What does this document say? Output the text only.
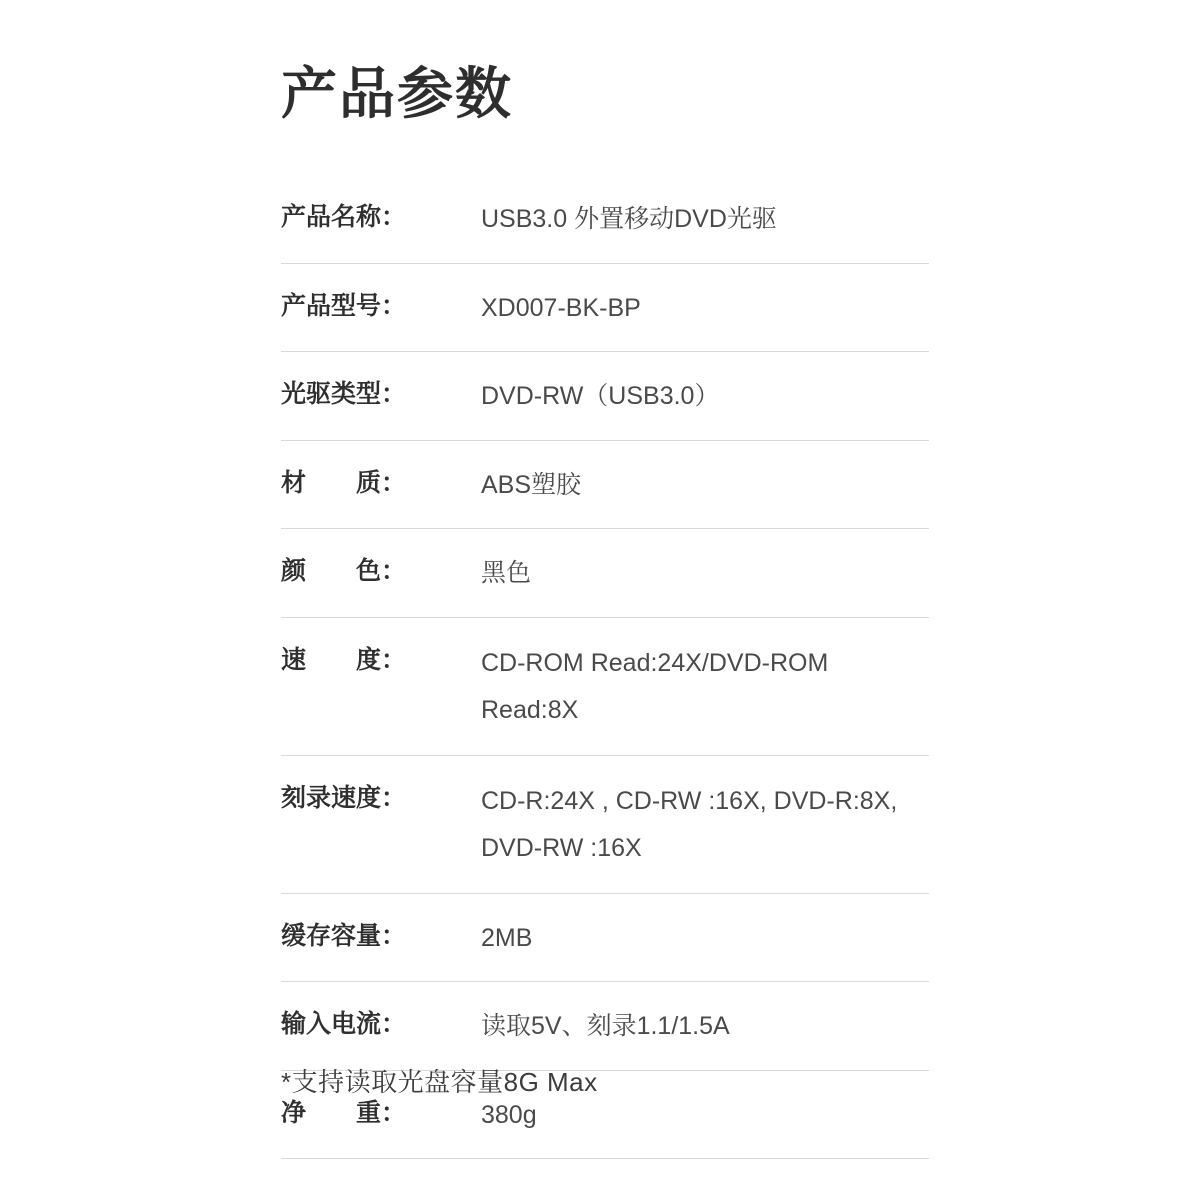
产品参数
产品名称：	USB3.0 外置移动DVD光驱
产品型号：	XD007-BK-BP
光驱类型：	DVD-RW（USB3.0）
材　　质：	ABS塑胶
颜　　色：	黑色
速　　度：	CD-ROM Read:24X/DVD-ROM Read:8X
刻录速度：	CD-R:24X , CD-RW :16X, DVD-R:8X, DVD-RW :16X
缓存容量：	2MB
输入电流：	读取5V、刻录1.1/1.5A
净　　重：	380g
*支持读取光盘容量8G Max
